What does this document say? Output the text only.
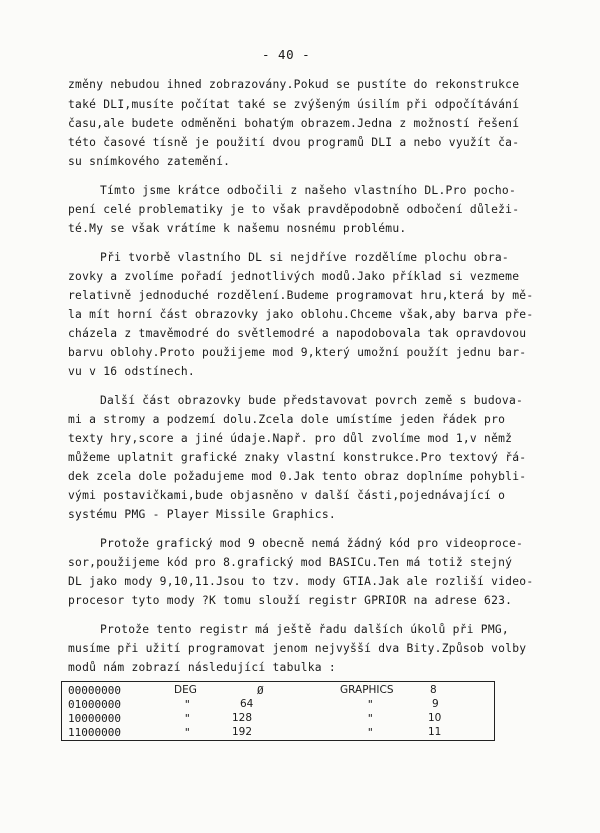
- 40 -
změny nebudou ihned zobrazovány.Pokud se pustíte do rekonstrukce
také DLI,musíte počítat také se zvýšeným úsilím při odpočítávání
času,ale budete odměněni bohatým obrazem.Jedna z možností řešení
této časové tísně je použití dvou programů DLI a nebo využít ča-
su snímkového zatemění.
Tímto jsme krátce odbočili z našeho vlastního DL.Pro pocho-
pení celé problematiky je to však pravděpodobně odbočení důleži-
té.My se však vrátíme k našemu nosnému problému.
Při tvorbě vlastního DL si nejdříve rozdělíme plochu obra-
zovky a zvolíme pořadí jednotlivých modů.Jako příklad si vezmeme
relativně jednoduché rozdělení.Budeme programovat hru,která by mě-
la mít horní část obrazovky jako oblohu.Chceme však,aby barva pře-
cházela z tmavěmodré do světlemodré a napodobovala tak opravdovou
barvu oblohy.Proto použijeme mod 9,který umožní použít jednu bar-
vu v 16 odstínech.
Další část obrazovky bude představovat povrch země s budova-
mi a stromy a podzemí dolu.Zcela dole umístíme jeden řádek pro
texty hry,score a jiné údaje.Např. pro důl zvolíme mod 1,v němž
můžeme uplatnit grafické znaky vlastní konstrukce.Pro textový řá-
dek zcela dole požadujeme mod 0.Jak tento obraz doplníme pohybli-
vými postavičkami,bude objasněno v další části,pojednávající o
systému PMG - Player Missile Graphics.
Protože grafický mod 9 obecně nemá žádný kód pro videoproce-
sor,použijeme kód pro 8.grafický mod BASICu.Ten má totiž stejný
DL jako mody 9,10,11.Jsou to tzv. mody GTIA.Jak ale rozliší video-
procesor tyto mody ?K tomu slouží registr GPRIOR na adrese 623.
Protože tento registr má ještě řadu dalších úkolů při PMG,
musíme při užití programovat jenom nejvyšší dva Bity.Způsob volby
modů nám zobrazí následující tabulka :
00000000	DEG	Ø	GRAPHICS	8
01000000	"	64	"	9
10000000	"	128	"	10
11000000	"	192	"	11
